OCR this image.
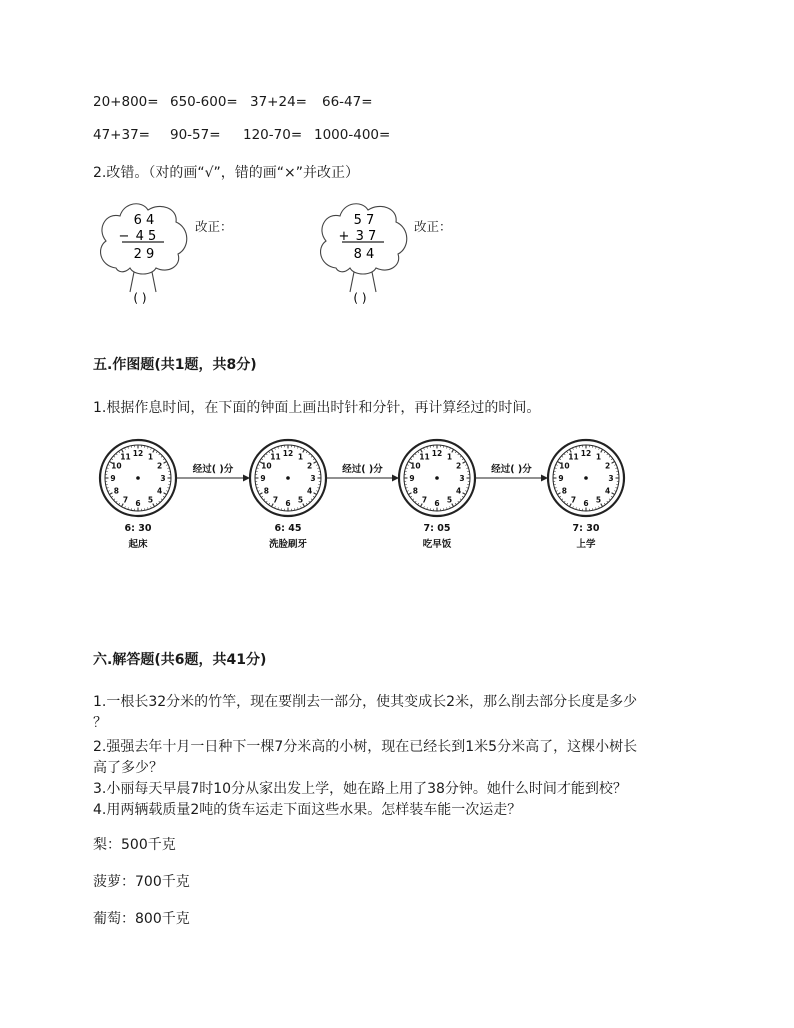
20+800= 650-600= 37+24= 66-47=
47+37= 90-57= 120-70= 1000-400=
2.改错。（对的画“√”，错的画“×”并改正）
6 4
− 4 5
2 9
( )
改正：	5 7
+ 3 7
8 4
( )
改正：
五.作图题(共1题，共8分)
1.根据作息时间，在下面的钟面上画出时针和分针，再计算经过的时间。
12 1
2
3
4
5
6
7
8
9
10
11
6: 30
起床
经过( )分
12 1
2
3
4
5
6
7
8
9
10
11
6: 45
洗脸刷牙
经过( )分
12 1
2
3
4
5
6
7
8
9
10
11
7: 05
吃早饭
经过( )分
12 1
2
3
4
5
6
7
8
9
10
11
7: 30
上学
六.解答题(共6题，共41分)
1.一根长32分米的竹竿，现在要削去一部分，使其变成长2米，那么削去部分长度是多少
？
2.强强去年十月一日种下一棵7分米高的小树，现在已经长到1米5分米高了，这棵小树长
高了多少？
3.小丽每天早晨7时10分从家出发上学，她在路上用了38分钟。她什么时间才能到校？
4.用两辆载质量2吨的货车运走下面这些水果。怎样装车能一次运走？
梨：500千克
菠萝：700千克
葡萄：800千克
